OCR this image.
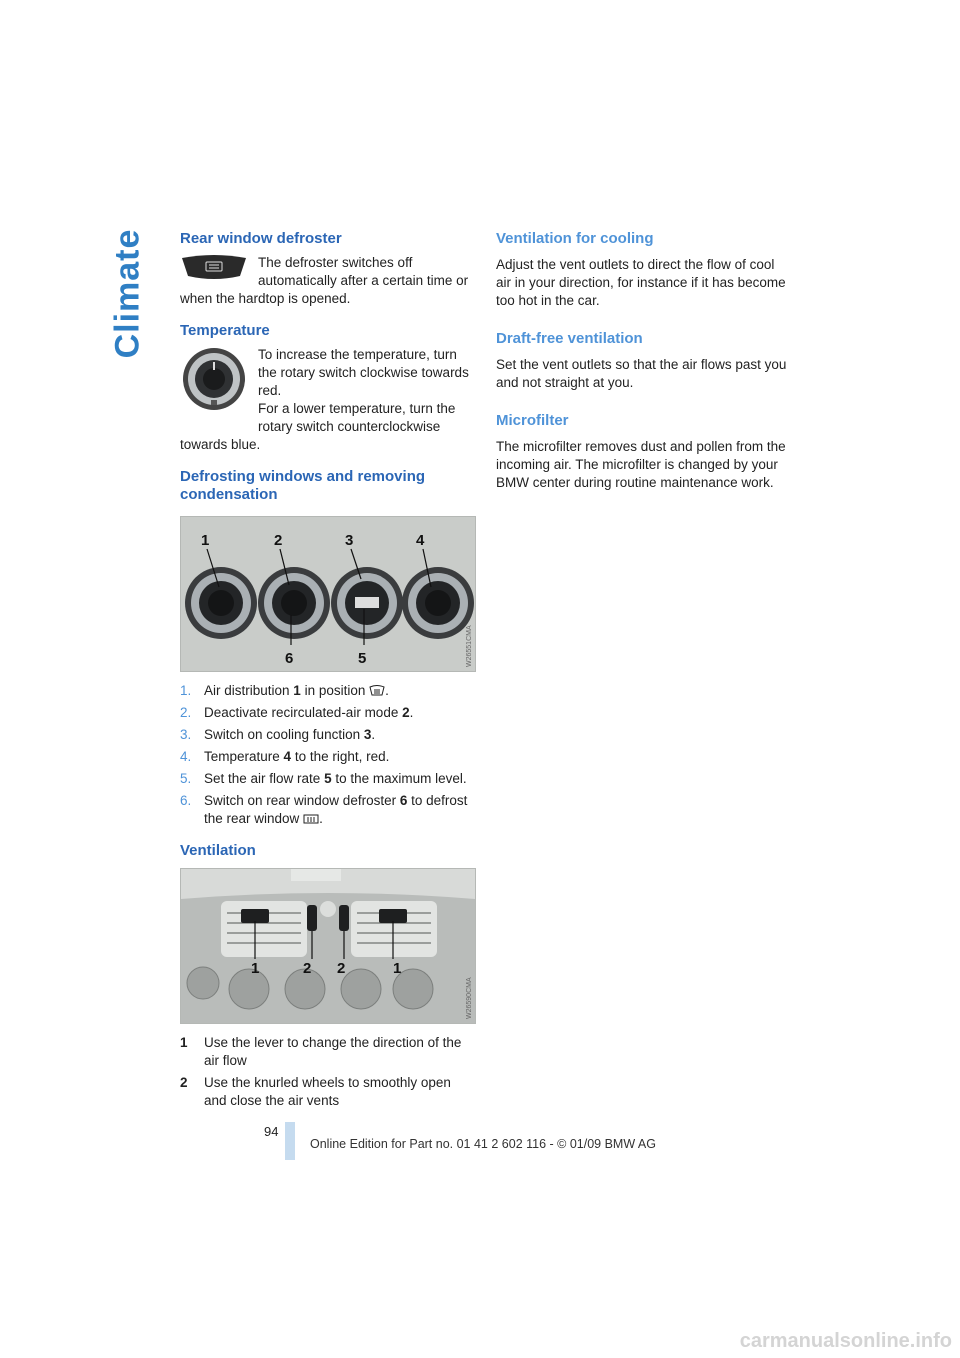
Climate Rear window defroster

The defroster switches off automatically after a certain time or when the hardtop is opened.

Temperature

To increase the temperature, turn the rotary switch clockwise towards red.

For a lower temperature, turn the rotary switch counterclockwise towards blue.

Defrosting windows and removing condensation
1	2	3	4
6	5	W26551CMA
1. Air distribution 1 in position .
2. Deactivate recirculated-air mode 2.
3. Switch on cooling function 3.
4. Temperature 4 to the right, red.
5. Set the air flow rate 5 to the maximum level.
6. Switch on rear window defroster 6 to defrost the rear window .
Ventilation
1	2 2	1
W26590CMA
1 Use the lever to change the direction of the air flow
2 Use the knurled wheels to smoothly open and close the air vents
Ventilation for cooling

Adjust the vent outlets to direct the flow of cool air in your direction, for instance if it has become too hot in the car.

Draft-free ventilation

Set the vent outlets so that the air flows past you and not straight at you.

Microfilter

The microfilter removes dust and pollen from the incoming air. The microfilter is changed by your BMW center during routine maintenance work.

94
Online Edition for Part no. 01 41 2 602 116 - © 01/09 BMW AG
carmanualsonline.info
